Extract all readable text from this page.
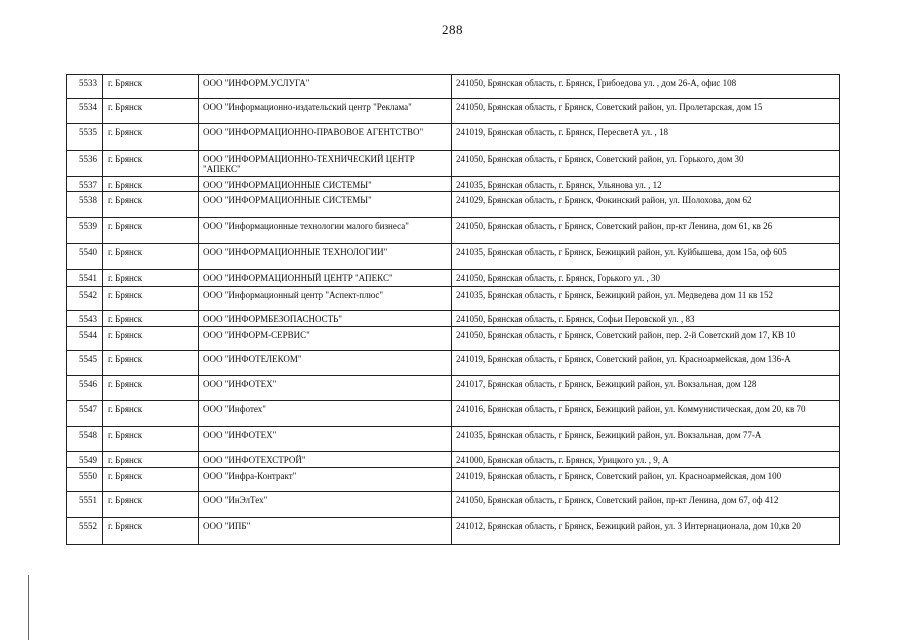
288
5533	г. Брянск	ООО "ИНФОРМ.УСЛУГА"	241050, Брянская область, г. Брянск, Грибоедова ул. , дом 26-А, офис 108
5534	г. Брянск	ООО "Информационно-издательский центр "Реклама"	241050, Брянская область, г Брянск, Советский район, ул. Пролетарская, дом 15
5535	г. Брянск	ООО "ИНФОРМАЦИОННО-ПРАВОВОЕ АГЕНТСТВО"	241019, Брянская область, г. Брянск, ПересветА ул. , 18
5536	г. Брянск	ООО "ИНФОРМАЦИОННО-ТЕХНИЧЕСКИЙ ЦЕНТР "АПЕКС"	241050, Брянская область, г Брянск, Советский район, ул. Горького, дом 30
5537	г. Брянск	ООО "ИНФОРМАЦИОННЫЕ СИСТЕМЫ"	241035, Брянская область, г. Брянск, Ульянова ул. , 12
5538	г. Брянск	ООО "ИНФОРМАЦИОННЫЕ СИСТЕМЫ"	241029, Брянская область, г Брянск, Фокинский район, ул. Шолохова, дом 62
5539	г. Брянск	ООО "Информационные технологии малого бизнеса"	241050, Брянская область, г Брянск, Советский район, пр-кт Ленина, дом 61, кв 26
5540	г. Брянск	ООО "ИНФОРМАЦИОННЫЕ ТЕХНОЛОГИИ"	241035, Брянская область, г Брянск, Бежицкий район, ул. Куйбышева, дом 15а, оф 605
5541	г. Брянск	ООО "ИНФОРМАЦИОННЫЙ ЦЕНТР "АПЕКС"	241050, Брянская область, г. Брянск, Горького ул. , 30
5542	г. Брянск	ООО "Информационный центр "Аспект-плюс"	241035, Брянская область, г Брянск, Бежицкий район, ул. Медведева дом 11 кв 152
5543	г. Брянск	ООО "ИНФОРМБЕЗОПАСНОСТЬ"	241050, Брянская область, г. Брянск, Софьи Перовской ул. , 83
5544	г. Брянск	ООО "ИНФОРМ-СЕРВИС"	241050, Брянская область, г Брянск, Советский район, пер. 2-й Советский дом 17, КВ 10
5545	г. Брянск	ООО "ИНФОТЕЛЕКОМ"	241019, Брянская область, г Брянск, Советский район, ул. Красноармейская, дом 136-А
5546	г. Брянск	ООО "ИНФОТЕХ"	241017, Брянская область, г Брянск, Бежицкий район, ул. Вокзальная, дом 128
5547	г. Брянск	ООО "Инфотех"	241016, Брянская область, г Брянск, Бежицкий район, ул. Коммунистическая, дом 20, кв 70
5548	г. Брянск	ООО "ИНФОТЕХ"	241035, Брянская область, г Брянск, Бежицкий район, ул. Вокзальная, дом 77-А
5549	г. Брянск	ООО "ИНФОТЕХСТРОЙ"	241000, Брянская область, г. Брянск, Урицкого ул. , 9, А
5550	г. Брянск	ООО "Инфра-Контракт"	241019, Брянская область, г Брянск, Советский район, ул. Красноармейская, дом 100
5551	г. Брянск	ООО "ИнЭлТех"	241050, Брянская область, г Брянск, Советский район, пр-кт Ленина, дом 67, оф 412
5552	г. Брянск	ООО "ИПБ"	241012, Брянская область, г Брянск, Бежицкий район, ул. 3 Интернационала, дом 10,кв 20
